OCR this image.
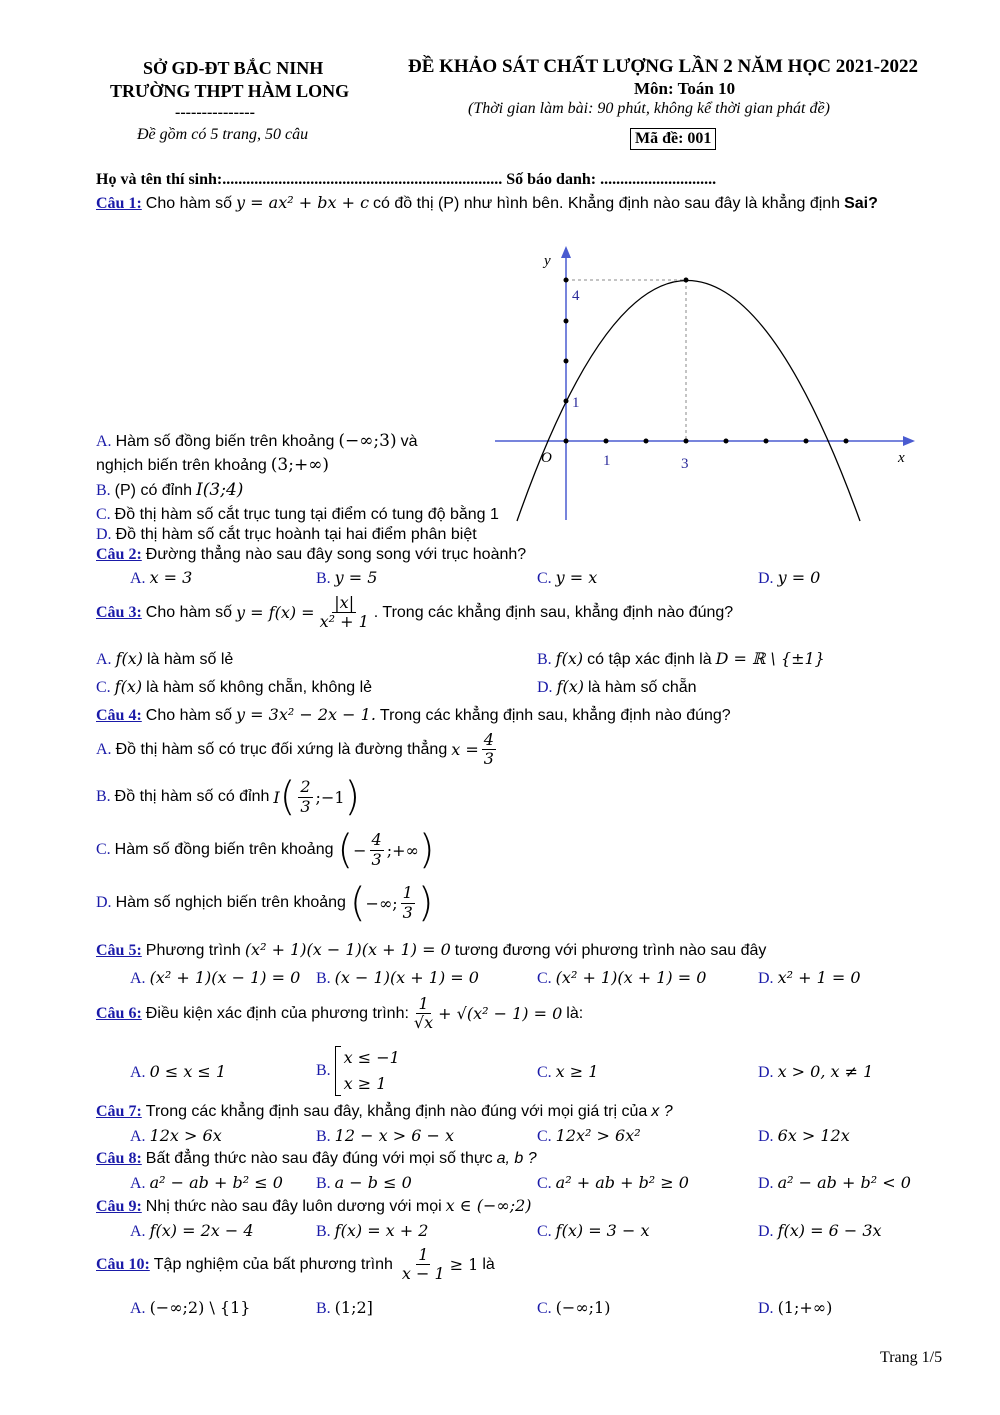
SỞ GD-ĐT BẮC NINH
TRƯỜNG THPT HÀM LONG
---------------
Đề gồm có 5 trang, 50 câu
ĐỀ KHẢO SÁT CHẤT LƯỢNG LẦN 2 NĂM HỌC 2021-2022
Môn: Toán 10
(Thời gian làm bài: 90 phút, không kể thời gian phát đề)
Mã đề: 001
Họ và tên thí sinh:...................................................................... Số báo danh: .............................
Câu 1: Cho hàm số y = ax² + bx + c có đồ thị (P) như hình bên. Khẳng định nào sau đây là khẳng định Sai?
y
x
O
4
1
1	3
A. Hàm số đồng biến trên khoảng (−∞;3) và
nghịch biến trên khoảng (3;+∞)
B. (P) có đỉnh I(3;4)
C. Đồ thị hàm số cắt trục tung tại điểm có tung độ bằng 1
D. Đồ thị hàm số cắt trục hoành tại hai điểm phân biệt
Câu 2: Đường thẳng nào sau đây song song với trục hoành?
A. x = 3	B. y = 5	C. y = x	D. y = 0
Câu 3:
Cho hàm số
$y = f(x) = \frac{|x|}{\text{x² + 1}}$ . Trong các khẳng định sau, khẳng định nào đúng?
A. f(x) là hàm số lẻ	B. f(x) có tập xác định là D = ℝ \ {±1}
C. f(x) là hàm số không chẵn, không lẻ	D. f(x) là hàm số chẵn
Câu 4: Cho hàm số y = 3x² − 2x − 1. Trong các khẳng định sau, khẳng định nào đúng?
A.
Đồ thị hàm số có trục đối xứng là đường thẳng
$x = \frac{4}{3}$
B.
Đồ thị hàm số có đỉnh
I ( $\frac{2}{3}$ ;−1 )
C.
Hàm số đồng biến trên khoảng
( − $\frac{4}{3}$ ;+∞ )
D.
Hàm số nghịch biến trên khoảng
( −∞; $\frac{1}{3}$ )
Câu 5: Phương trình (x² + 1)(x − 1)(x + 1) = 0 tương đương với phương trình nào sau đây
A. (x² + 1)(x − 1) = 0 B. (x − 1)(x + 1) = 0	C. (x² + 1)(x + 1) = 0	D. x² + 1 = 0
Câu 6:
Điều kiện xác định của phương trình: $\frac{1}{√x} + √(x^2 - 1) = 0$
là:
A. 0 ≤ x ≤ 1	B.

x ≤ −1
x ≥ 1
C. x ≥ 1	D. x > 0, x ≠ 1
Câu 7: Trong các khẳng định sau đây, khẳng định nào đúng với mọi giá trị của x ?
A. 12x > 6x	B. 12 − x > 6 − x	C. 12x² > 6x²	D. 6x > 12x
Câu 8: Bất đẳng thức nào sau đây đúng với mọi số thực a, b ?
A. a² − ab + b² ≤ 0 B. a − b ≤ 0	C. a² + ab + b² ≥ 0	D. a² − ab + b² < 0
Câu 9: Nhị thức nào sau đây luôn dương với mọi x ∈ (−∞;2)
A. f(x) = 2x − 4	B. f(x) = x + 2	C. f(x) = 3 − x	D. f(x) = 6 − 3x
Câu 10:
Tập nghiệm của bất phương trình
$\frac{1}{x - 1} \ge 1$
là
A. (−∞;2) \ {1}	B. (1;2]	C. (−∞;1)	D. (1;+∞)
Trang 1/5
